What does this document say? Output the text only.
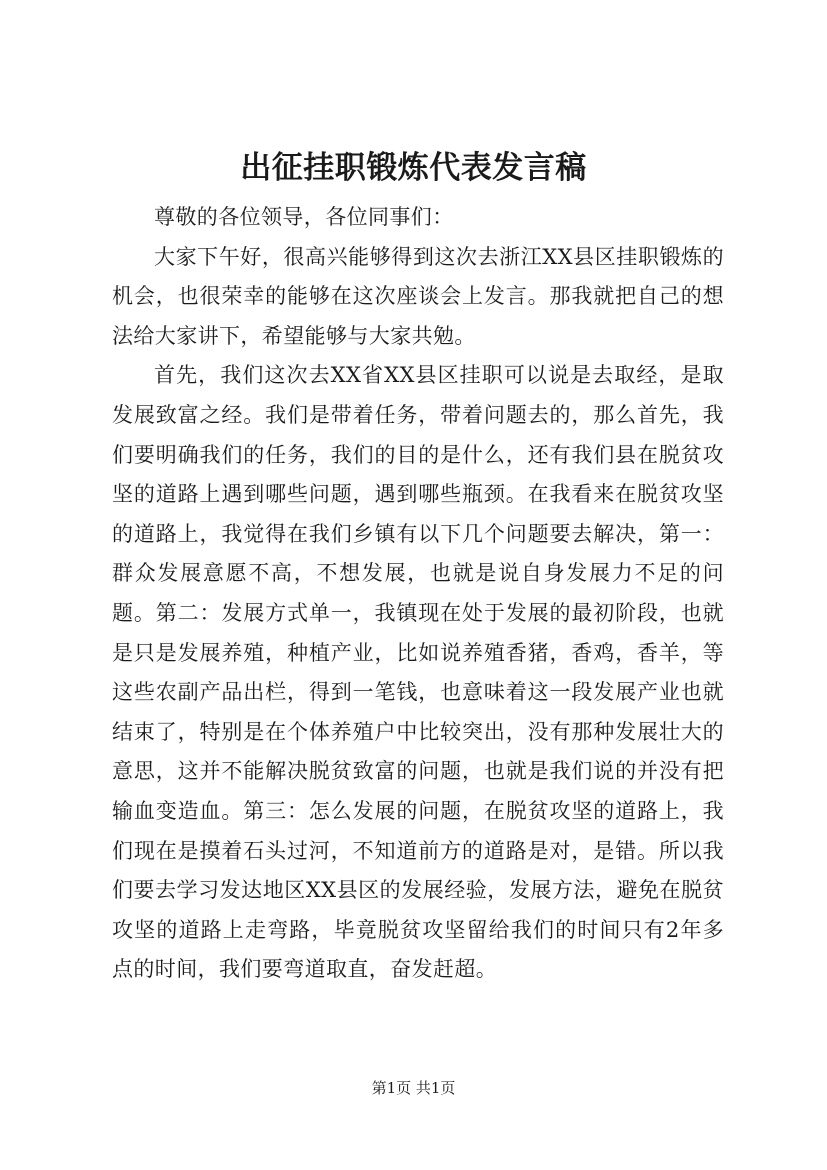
出征挂职锻炼代表发言稿

尊敬的各位领导，各位同事们：

大家下午好，很高兴能够得到这次去浙江XX县区挂职锻炼的机会，也很荣幸的能够在这次座谈会上发言。那我就把自己的想法给大家讲下，希望能够与大家共勉。

首先，我们这次去XX省XX县区挂职可以说是去取经，是取发展致富之经。我们是带着任务，带着问题去的，那么首先，我们要明确我们的任务，我们的目的是什么，还有我们县在脱贫攻坚的道路上遇到哪些问题，遇到哪些瓶颈。在我看来在脱贫攻坚的道路上，我觉得在我们乡镇有以下几个问题要去解决，第一：群众发展意愿不高，不想发展，也就是说自身发展力不足的问题。第二：发展方式单一，我镇现在处于发展的最初阶段，也就是只是发展养殖，种植产业，比如说养殖香猪，香鸡，香羊，等这些农副产品出栏，得到一笔钱，也意味着这一段发展产业也就结束了，特别是在个体养殖户中比较突出，没有那种发展壮大的意思，这并不能解决脱贫致富的问题，也就是我们说的并没有把输血变造血。第三：怎么发展的问题，在脱贫攻坚的道路上，我们现在是摸着石头过河，不知道前方的道路是对，是错。所以我们要去学习发达地区XX县区的发展经验，发展方法，避免在脱贫攻坚的道路上走弯路，毕竟脱贫攻坚留给我们的时间只有2年多点的时间，我们要弯道取直，奋发赶超。

第1页 共1页
